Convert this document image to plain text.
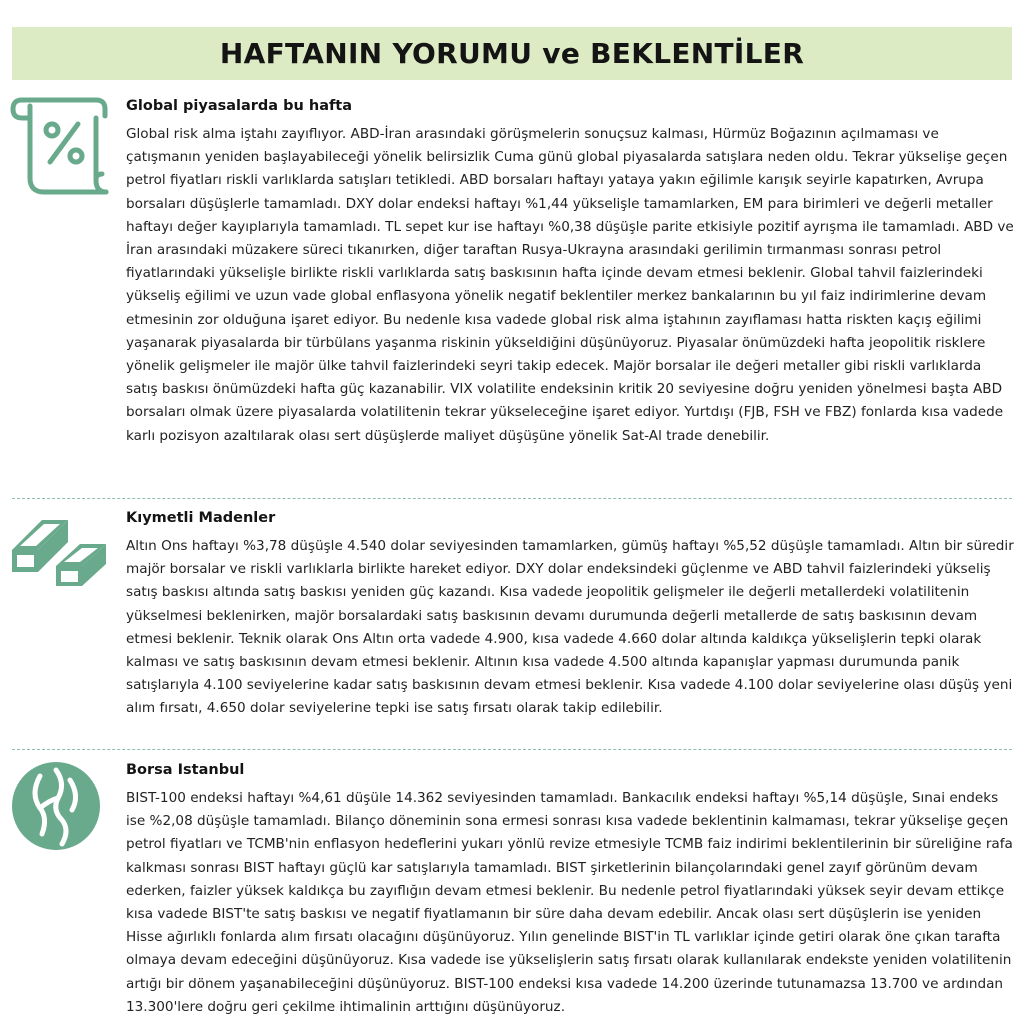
HAFTANIN YORUMU ve BEKLENTİLER

Global piyasalarda bu hafta

Global risk alma iştahı zayıflıyor. ABD-İran arasındaki görüşmelerin sonuçsuz kalması, Hürmüz Boğazının açılmaması ve çatışmanın yeniden başlayabileceği yönelik belirsizlik Cuma günü global piyasalarda satışlara neden oldu. Tekrar yükselişe geçen petrol fiyatları riskli varlıklarda satışları tetikledi. ABD borsaları haftayı yataya yakın eğilimle karışık seyirle kapatırken, Avrupa borsaları düşüşlerle tamamladı. DXY dolar endeksi haftayı %1,44 yükselişle tamamlarken, EM para birimleri ve değerli metaller haftayı değer kayıplarıyla tamamladı. TL sepet kur ise haftayı %0,38 düşüşle parite etkisiyle pozitif ayrışma ile tamamladı. ABD ve İran arasındaki müzakere süreci tıkanırken, diğer taraftan Rusya-Ukrayna arasındaki gerilimin tırmanması sonrası petrol fiyatlarındaki yükselişle birlikte riskli varlıklarda satış baskısının hafta içinde devam etmesi beklenir. Global tahvil faizlerindeki yükseliş eğilimi ve uzun vade global enflasyona yönelik negatif beklentiler merkez bankalarının bu yıl faiz indirimlerine devam etmesinin zor olduğuna işaret ediyor. Bu nedenle kısa vadede global risk alma iştahının zayıflaması hatta riskten kaçış eğilimi yaşanarak piyasalarda bir türbülans yaşanma riskinin yükseldiğini düşünüyoruz. Piyasalar önümüzdeki hafta jeopolitik risklere yönelik gelişmeler ile majör ülke tahvil faizlerindeki seyri takip edecek. Majör borsalar ile değeri metaller gibi riskli varlıklarda satış baskısı önümüzdeki hafta güç kazanabilir. VIX volatilite endeksinin kritik 20 seviyesine doğru yeniden yönelmesi başta ABD borsaları olmak üzere piyasalarda volatilitenin tekrar yükseleceğine işaret ediyor. Yurtdışı (FJB, FSH ve FBZ) fonlarda kısa vadede karlı pozisyon azaltılarak olası sert düşüşlerde maliyet düşüşüne yönelik Sat-Al trade denebilir.

Kıymetli Madenler

Altın Ons haftayı %3,78 düşüşle 4.540 dolar seviyesinden tamamlarken, gümüş haftayı %5,52 düşüşle tamamladı. Altın bir süredir majör borsalar ve riskli varlıklarla birlikte hareket ediyor. DXY dolar endeksindeki güçlenme ve ABD tahvil faizlerindeki yükseliş satış baskısı altında satış baskısı yeniden güç kazandı. Kısa vadede jeopolitik gelişmeler ile değerli metallerdeki volatilitenin yükselmesi beklenirken, majör borsalardaki satış baskısının devamı durumunda değerli metallerde de satış baskısının devam etmesi beklenir. Teknik olarak Ons Altın orta vadede 4.900, kısa vadede 4.660 dolar altında kaldıkça yükselişlerin tepki olarak kalması ve satış baskısının devam etmesi beklenir. Altının kısa vadede 4.500 altında kapanışlar yapması durumunda panik satışlarıyla 4.100 seviyelerine kadar satış baskısının devam etmesi beklenir. Kısa vadede 4.100 dolar seviyelerine olası düşüş yeni alım fırsatı, 4.650 dolar seviyelerine tepki ise satış fırsatı olarak takip edilebilir.

Borsa Istanbul

BIST-100 endeksi haftayı %4,61 düşüle 14.362 seviyesinden tamamladı. Bankacılık endeksi haftayı %5,14 düşüşle, Sınai endeks ise %2,08 düşüşle tamamladı. Bilanço döneminin sona ermesi sonrası kısa vadede beklentinin kalmaması, tekrar yükselişe geçen petrol fiyatları ve TCMB'nin enflasyon hedeflerini yukarı yönlü revize etmesiyle TCMB faiz indirimi beklentilerinin bir süreliğine rafa kalkması sonrası BIST haftayı güçlü kar satışlarıyla tamamladı. BIST şirketlerinin bilançolarındaki genel zayıf görünüm devam ederken, faizler yüksek kaldıkça bu zayıflığın devam etmesi beklenir. Bu nedenle petrol fiyatlarındaki yüksek seyir devam ettikçe kısa vadede BIST'te satış baskısı ve negatif fiyatlamanın bir süre daha devam edebilir. Ancak olası sert düşüşlerin ise yeniden Hisse ağırlıklı fonlarda alım fırsatı olacağını düşünüyoruz. Yılın genelinde BIST'in TL varlıklar içinde getiri olarak öne çıkan tarafta olmaya devam edeceğini düşünüyoruz. Kısa vadede ise yükselişlerin satış fırsatı olarak kullanılarak endekste yeniden volatilitenin artığı bir dönem yaşanabileceğini düşünüyoruz. BIST-100 endeksi kısa vadede 14.200 üzerinde tutunamazsa 13.700 ve ardından 13.300'lere doğru geri çekilme ihtimalinin arttığını düşünüyoruz.
